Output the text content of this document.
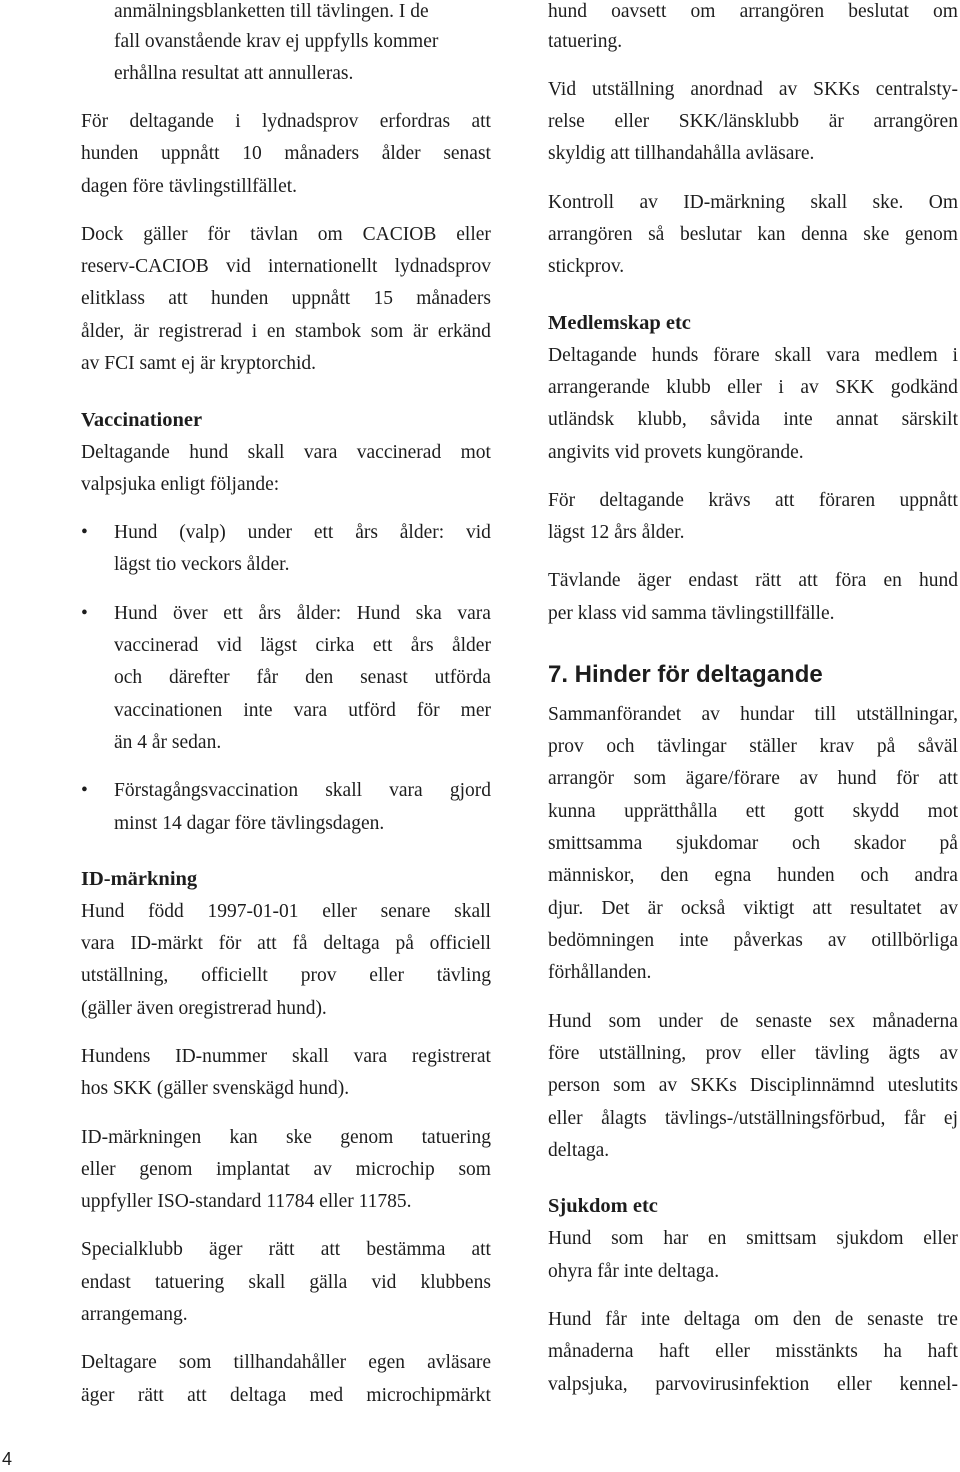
anmälningsblanketten till tävlingen. I de
fall ovanstående krav ej uppfylls kommer
erhållna resultat att annulleras.
För deltagande i lydnadsprov erfordras att
hunden uppnått 10 månaders ålder senast
dagen före tävlingstillfället.
Dock gäller för tävlan om CACIOB eller
reserv-CACIOB vid internationellt lydnadsprov
elitklass att hunden uppnått 15 månaders
ålder, är registrerad i en stambok som är erkänd
av FCI samt ej är kryptorchid.
Vaccinationer
Deltagande hund skall vara vaccinerad mot
valpsjuka enligt följande:
• Hund (valp) under ett års ålder: vid
lägst tio veckors ålder.
• Hund över ett års ålder: Hund ska vara
vaccinerad vid lägst cirka ett års ålder
och därefter får den senast utförda
vaccinationen inte vara utförd för mer
än 4 år sedan.
• Förstagångsvaccination skall vara gjord
minst 14 dagar före tävlingsdagen.
ID-märkning
Hund född 1997-01-01 eller senare skall
vara ID-märkt för att få deltaga på officiell
utställning, officiellt prov eller tävling
(gäller även oregistrerad hund).
Hundens ID-nummer skall vara registrerat
hos SKK (gäller svenskägd hund).
ID-märkningen kan ske genom tatuering
eller genom implantat av microchip som
uppfyller ISO-standard 11784 eller 11785.
Specialklubb äger rätt att bestämma att
endast tatuering skall gälla vid klubbens
arrangemang.
Deltagare som tillhandahåller egen avläsare
äger rätt att deltaga med microchipmärkt
hund oavsett om arrangören beslutat om
tatuering.
Vid utställning anordnad av SKKs centralsty-
relse eller SKK/länsklubb är arrangören
skyldig att tillhandahålla avläsare.
Kontroll av ID-märkning skall ske. Om
arrangören så beslutar kan denna ske genom
stickprov.
Medlemskap etc
Deltagande hunds förare skall vara medlem i
arrangerande klubb eller i av SKK godkänd
utländsk klubb, såvida inte annat särskilt
angivits vid provets kungörande.
För deltagande krävs att föraren uppnått
lägst 12 års ålder.
Tävlande äger endast rätt att föra en hund
per klass vid samma tävlingstillfälle.
7. Hinder för deltagande
Sammanförandet av hundar till utställningar,
prov och tävlingar ställer krav på såväl
arrangör som ägare/förare av hund för att
kunna upprätthålla ett gott skydd mot
smittsamma sjukdomar och skador på
människor, den egna hunden och andra
djur. Det är också viktigt att resultatet av
bedömningen inte påverkas av otillbörliga
förhållanden.
Hund som under de senaste sex månaderna
före utställning, prov eller tävling ägts av
person som av SKKs Disciplinnämnd uteslutits
eller ålagts tävlings-/utställningsförbud, får ej
deltaga.
Sjukdom etc
Hund som har en smittsam sjukdom eller
ohyra får inte deltaga.
Hund får inte deltaga om den de senaste tre
månaderna haft eller misstänkts ha haft
valpsjuka, parvovirusinfektion eller kennel-
4
